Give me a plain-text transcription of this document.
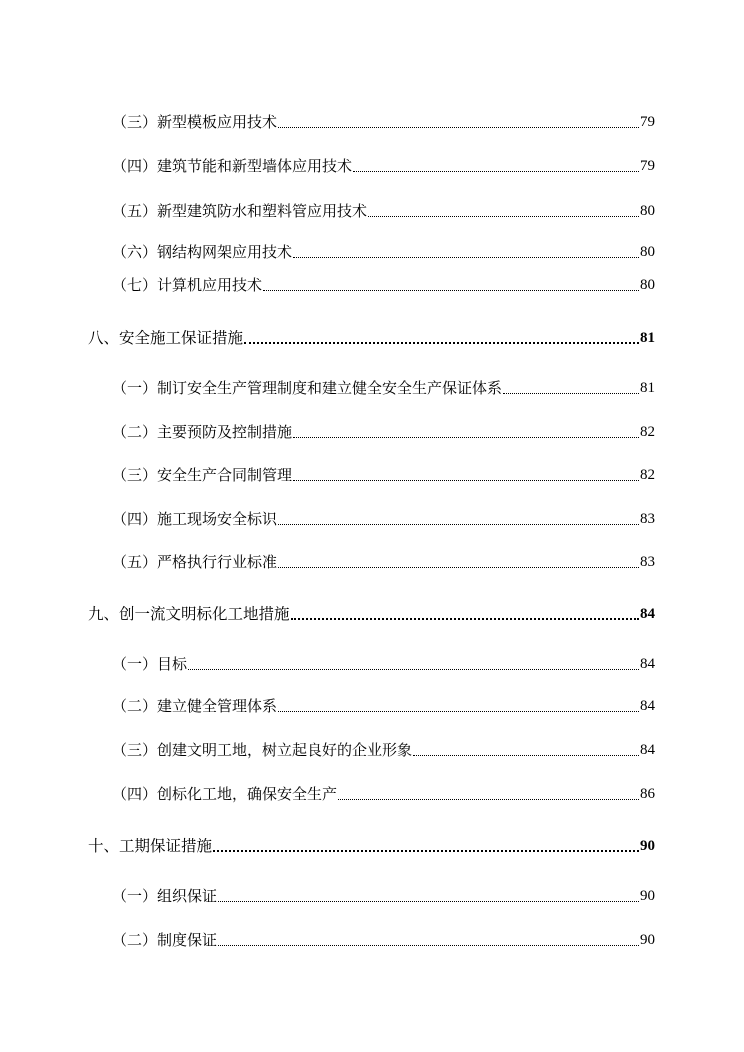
（三）新型模板应用技术	79
（四）建筑节能和新型墙体应用技术	79
（五）新型建筑防水和塑料管应用技术	80
（六）钢结构网架应用技术	80
（七）计算机应用技术	80
八、安全施工保证措施	81
（一）制订安全生产管理制度和建立健全安全生产保证体系	81
（二）主要预防及控制措施	82
（三）安全生产合同制管理	82
（四）施工现场安全标识	83
（五）严格执行行业标准	83
九、创一流文明标化工地措施	84
（一）目标	84
（二）建立健全管理体系	84
（三）创建文明工地，树立起良好的企业形象	84
（四）创标化工地，确保安全生产	86
十、工期保证措施	90
（一）组织保证	90
（二）制度保证	90
